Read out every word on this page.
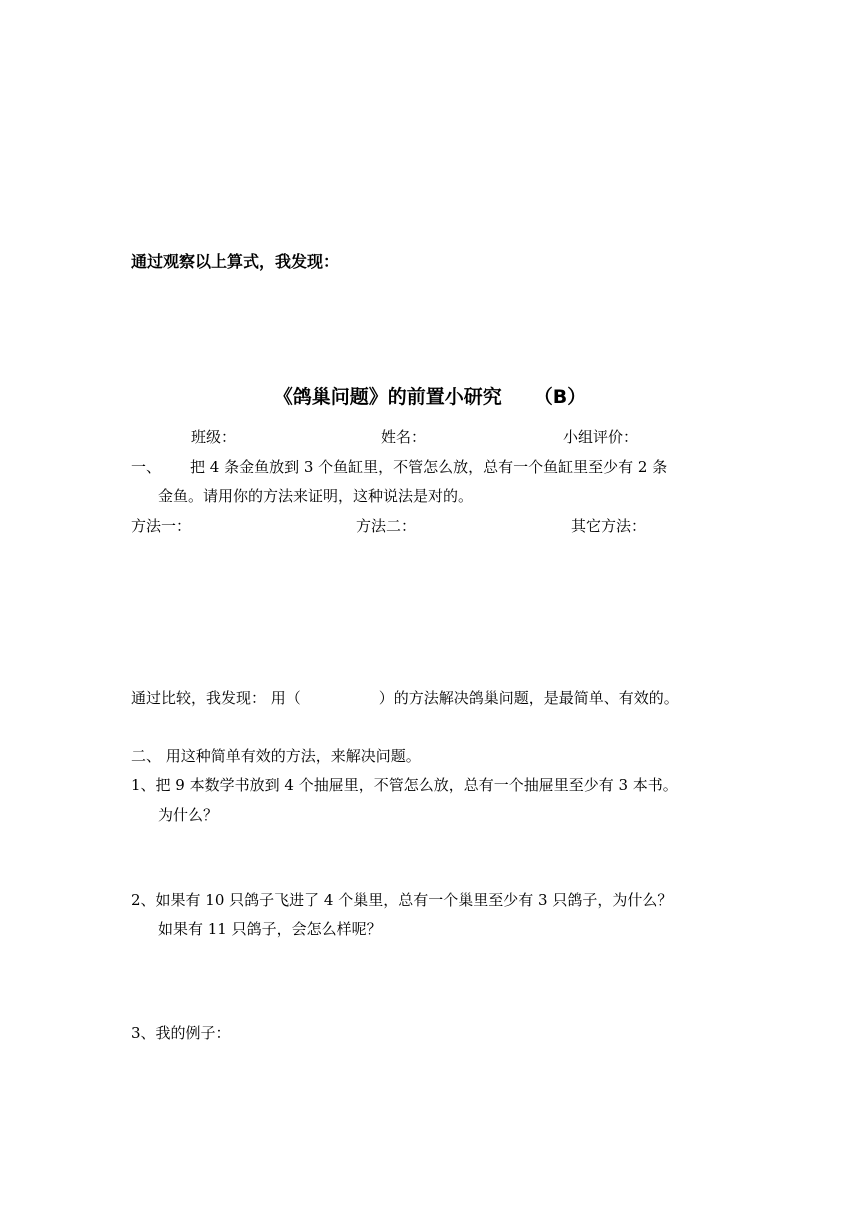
通过观察以上算式，我发现：
《鸽巢问题》的前置小研究 （B）
班级：	姓名：	小组评价：
一、 把 4 条金鱼放到 3 个鱼缸里，不管怎么放，总有一个鱼缸里至少有 2 条
金鱼。请用你的方法来证明，这种说法是对的。
方法一：	方法二：	其它方法：
通过比较，我发现： 用（	）的方法解决鸽巢问题，是最简单、有效的。
二、 用这种简单有效的方法，来解决问题。
1、把 9 本数学书放到 4 个抽屉里，不管怎么放，总有一个抽屉里至少有 3 本书。
为什么？
2、如果有 10 只鸽子飞进了 4 个巢里，总有一个巢里至少有 3 只鸽子，为什么？
如果有 11 只鸽子，会怎么样呢？
3、我的例子：
